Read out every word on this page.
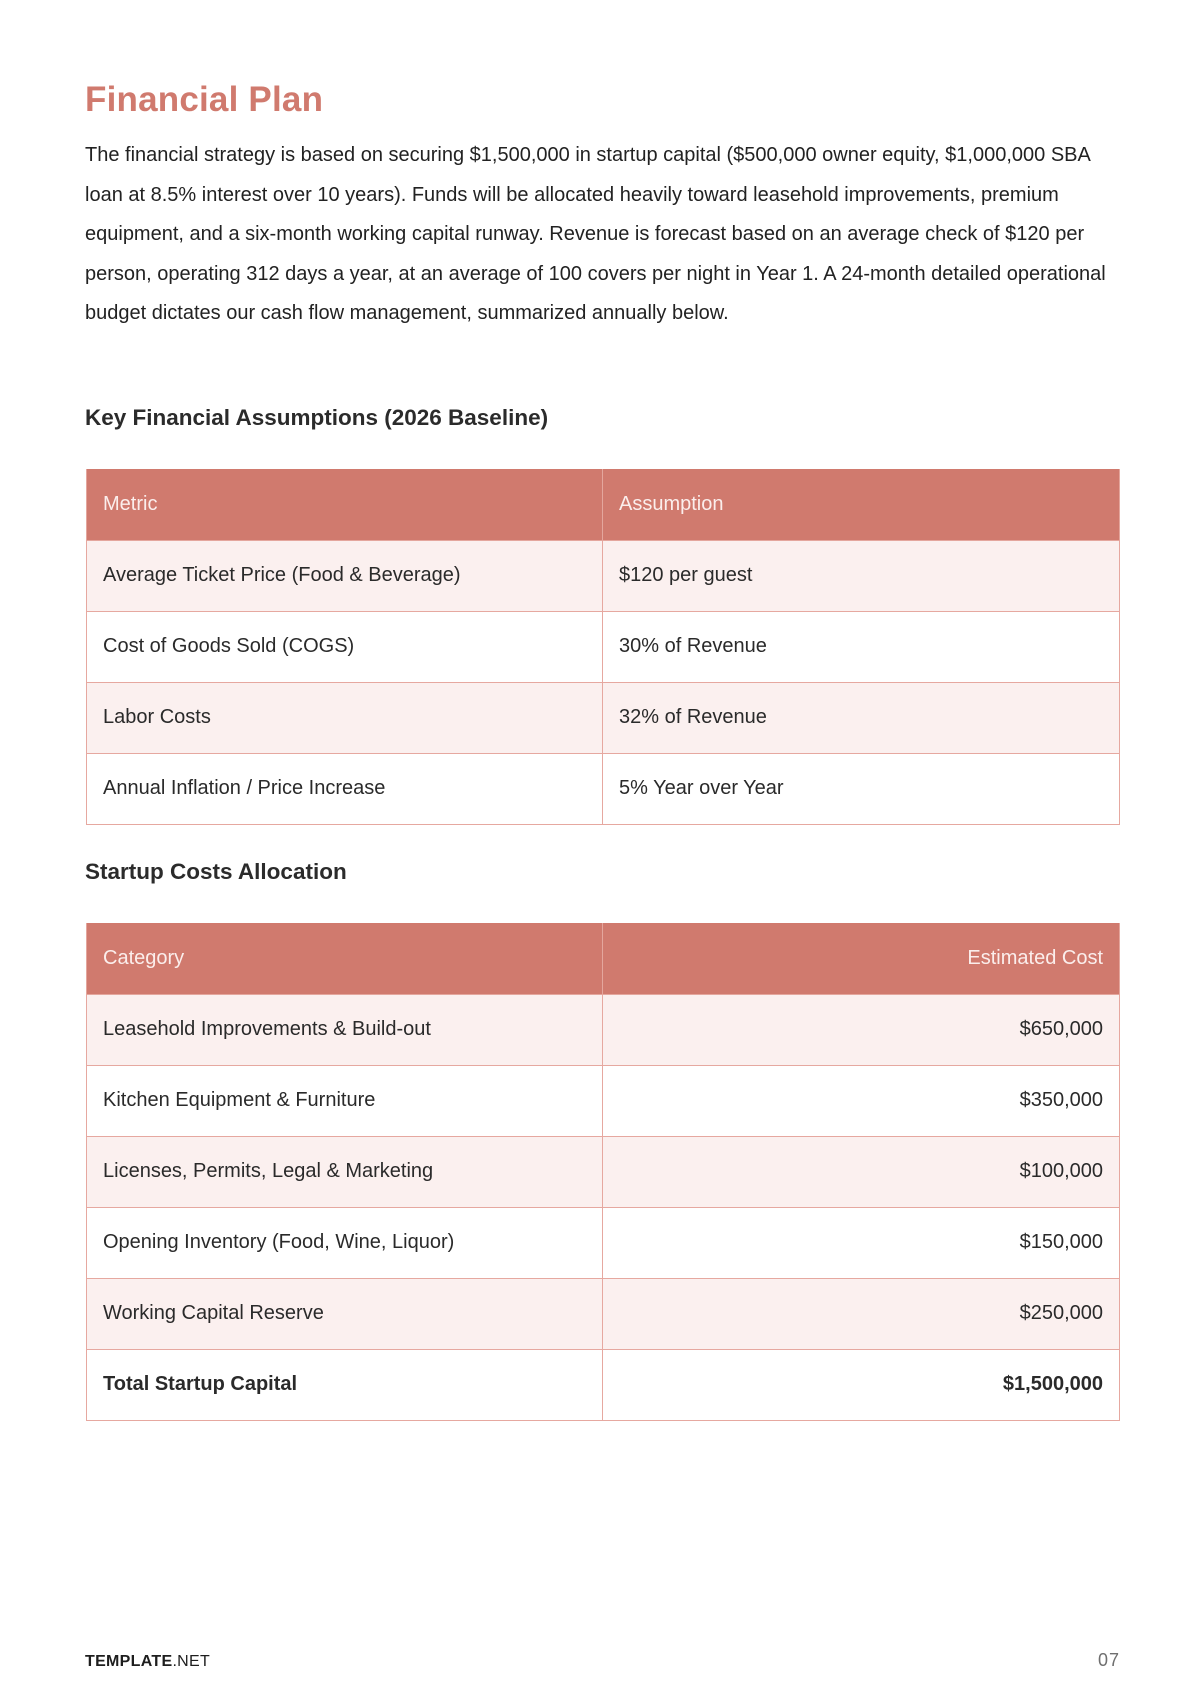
Financial Plan

The financial strategy is based on securing $1,500,000 in startup capital ($500,000 owner equity, $1,000,000 SBA loan at 8.5% interest over 10 years). Funds will be allocated heavily toward leasehold improvements, premium equipment, and a six-month working capital runway. Revenue is forecast based on an average check of $120 per person, operating 312 days a year, at an average of 100 covers per night in Year 1. A 24-month detailed operational budget dictates our cash flow management, summarized annually below.

Key Financial Assumptions (2026 Baseline)
Metric	Assumption
Average Ticket Price (Food & Beverage)	$120 per guest
Cost of Goods Sold (COGS)	30% of Revenue
Labor Costs	32% of Revenue
Annual Inflation / Price Increase	5% Year over Year
Startup Costs Allocation
Category	Estimated Cost
Leasehold Improvements & Build-out	$650,000
Kitchen Equipment & Furniture	$350,000
Licenses, Permits, Legal & Marketing	$100,000
Opening Inventory (Food, Wine, Liquor)	$150,000
Working Capital Reserve	$250,000
Total Startup Capital	$1,500,000
TEMPLATE.NET	07
